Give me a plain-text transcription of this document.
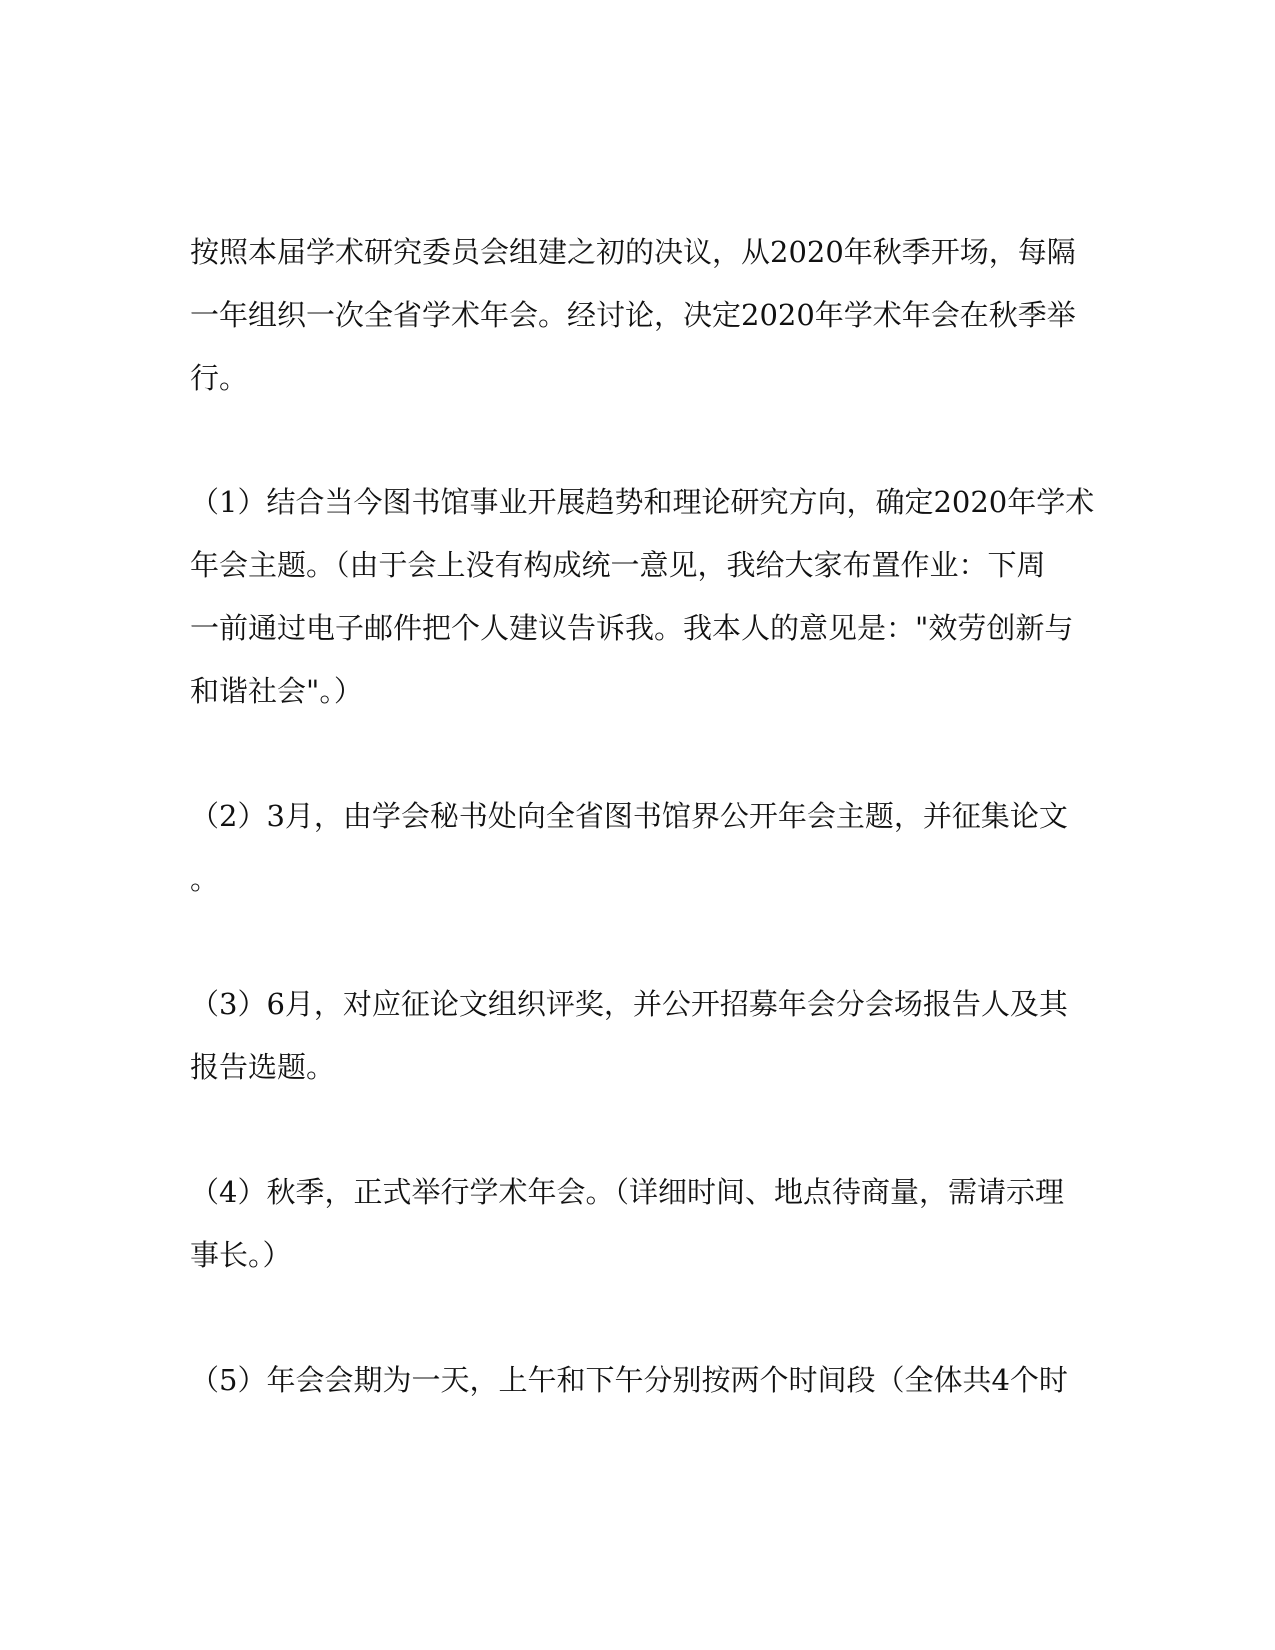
按照本届学术研究委员会组建之初的决议，从2020年秋季开场，每隔
一年组织一次全省学术年会。经讨论，决定2020年学术年会在秋季举
行。
（1）结合当今图书馆事业开展趋势和理论研究方向，确定2020年学术
年会主题。（由于会上没有构成统一意见，我给大家布置作业：下周
一前通过电子邮件把个人建议告诉我。我本人的意见是："效劳创新与
和谐社会"。）
（2）3月，由学会秘书处向全省图书馆界公开年会主题，并征集论文
。
（3）6月，对应征论文组织评奖，并公开招募年会分会场报告人及其
报告选题。
（4）秋季，正式举行学术年会。（详细时间、地点待商量，需请示理
事长。）
（5）年会会期为一天，上午和下午分别按两个时间段（全体共4个时
